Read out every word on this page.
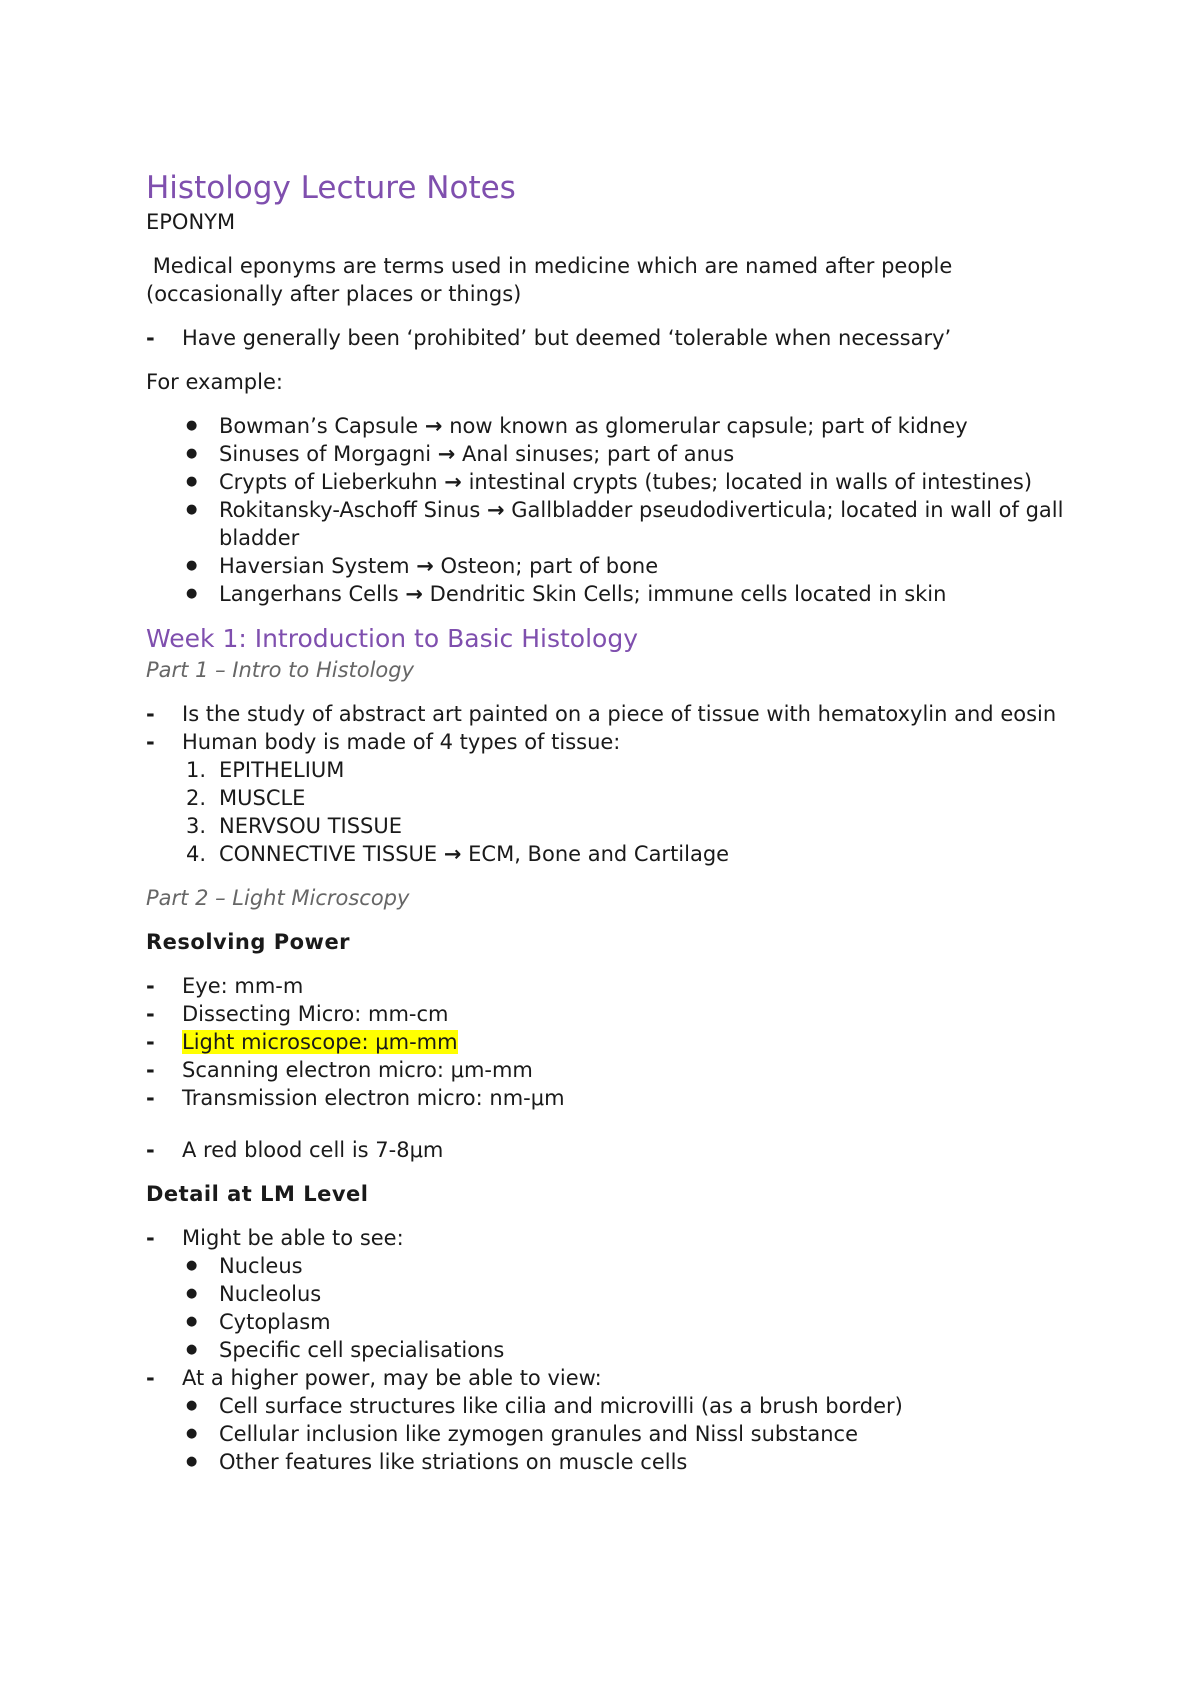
Histology Lecture Notes

EPONYM

Medical eponyms are terms used in medicine which are named after people (occasionally after places or things)

- Have generally been ‘prohibited’ but deemed ‘tolerable when necessary’

For example:

● Bowman’s Capsule → now known as glomerular capsule; part of kidney
● Sinuses of Morgagni → Anal sinuses; part of anus
● Crypts of Lieberkuhn → intestinal crypts (tubes; located in walls of intestines)
● Rokitansky-Aschoff Sinus → Gallbladder pseudodiverticula; located in wall of gall bladder
● Haversian System → Osteon; part of bone
● Langerhans Cells → Dendritic Skin Cells; immune cells located in skin
Week 1: Introduction to Basic Histology

Part 1 – Intro to Histology

- Is the study of abstract art painted on a piece of tissue with hematoxylin and eosin
- Human body is made of 4 types of tissue:
1. EPITHELIUM
2. MUSCLE
3. NERVSOU TISSUE
4. CONNECTIVE TISSUE → ECM, Bone and Cartilage

Part 2 – Light Microscopy

Resolving Power

- Eye: mm-m
- Dissecting Micro: mm-cm
- Light microscope: μm-mm
- Scanning electron micro: μm-mm
- Transmission electron micro: nm-μm
- A red blood cell is 7-8μm

Detail at LM Level

- Might be able to see:
● Nucleus
● Nucleolus
● Cytoplasm
● Specific cell specialisations
- At a higher power, may be able to view:
● Cell surface structures like cilia and microvilli (as a brush border)
● Cellular inclusion like zymogen granules and Nissl substance
● Other features like striations on muscle cells
